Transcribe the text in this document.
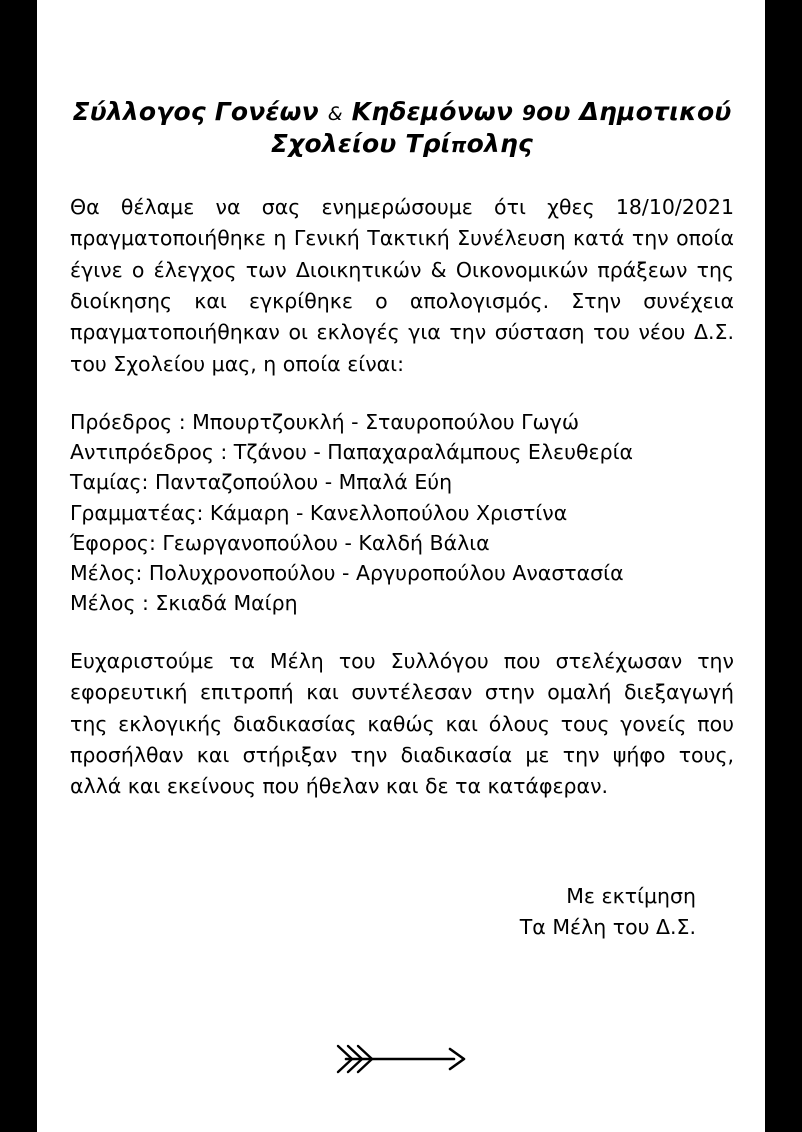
Σύλλογος Γονέων & Κηδεμόνων 9ου Δημοτικού
Σχολείου Τρίπολης

Θα θέλαμε να σας ενημερώσουμε ότι χθες 18/10/2021 πραγματοποιήθηκε η Γενική Τακτική Συνέλευση κατά την οποία έγινε ο έλεγχος των Διοικητικών & Οικονομικών πράξεων της διοίκησης και εγκρίθηκε ο απολογισμός. Στην συνέχεια πραγματοποιήθηκαν οι εκλογές για την σύσταση του νέου Δ.Σ. του Σχολείου μας, η οποία είναι:

Πρόεδρος : Μπουρτζουκλή - Σταυροπούλου Γωγώ
Αντιπρόεδρος : Τζάνου - Παπαχαραλάμπους Ελευθερία
Ταμίας: Πανταζοπούλου - Μπαλά Εύη
Γραμματέας: Κάμαρη - Κανελλοπούλου Χριστίνα
Έφορος: Γεωργανοπούλου - Καλδή Βάλια
Μέλος: Πολυχρονοπούλου - Αργυροπούλου Αναστασία
Μέλος : Σκιαδά Μαίρη

Ευχαριστούμε τα Μέλη του Συλλόγου που στελέχωσαν την εφορευτική επιτροπή και συντέλεσαν στην ομαλή διεξαγωγή της εκλογικής διαδικασίας καθώς και όλους τους γονείς που προσήλθαν και στήριξαν την διαδικασία με την ψήφο τους, αλλά και εκείνους που ήθελαν και δε τα κατάφεραν.

Με εκτίμηση
Τα Μέλη του Δ.Σ.
